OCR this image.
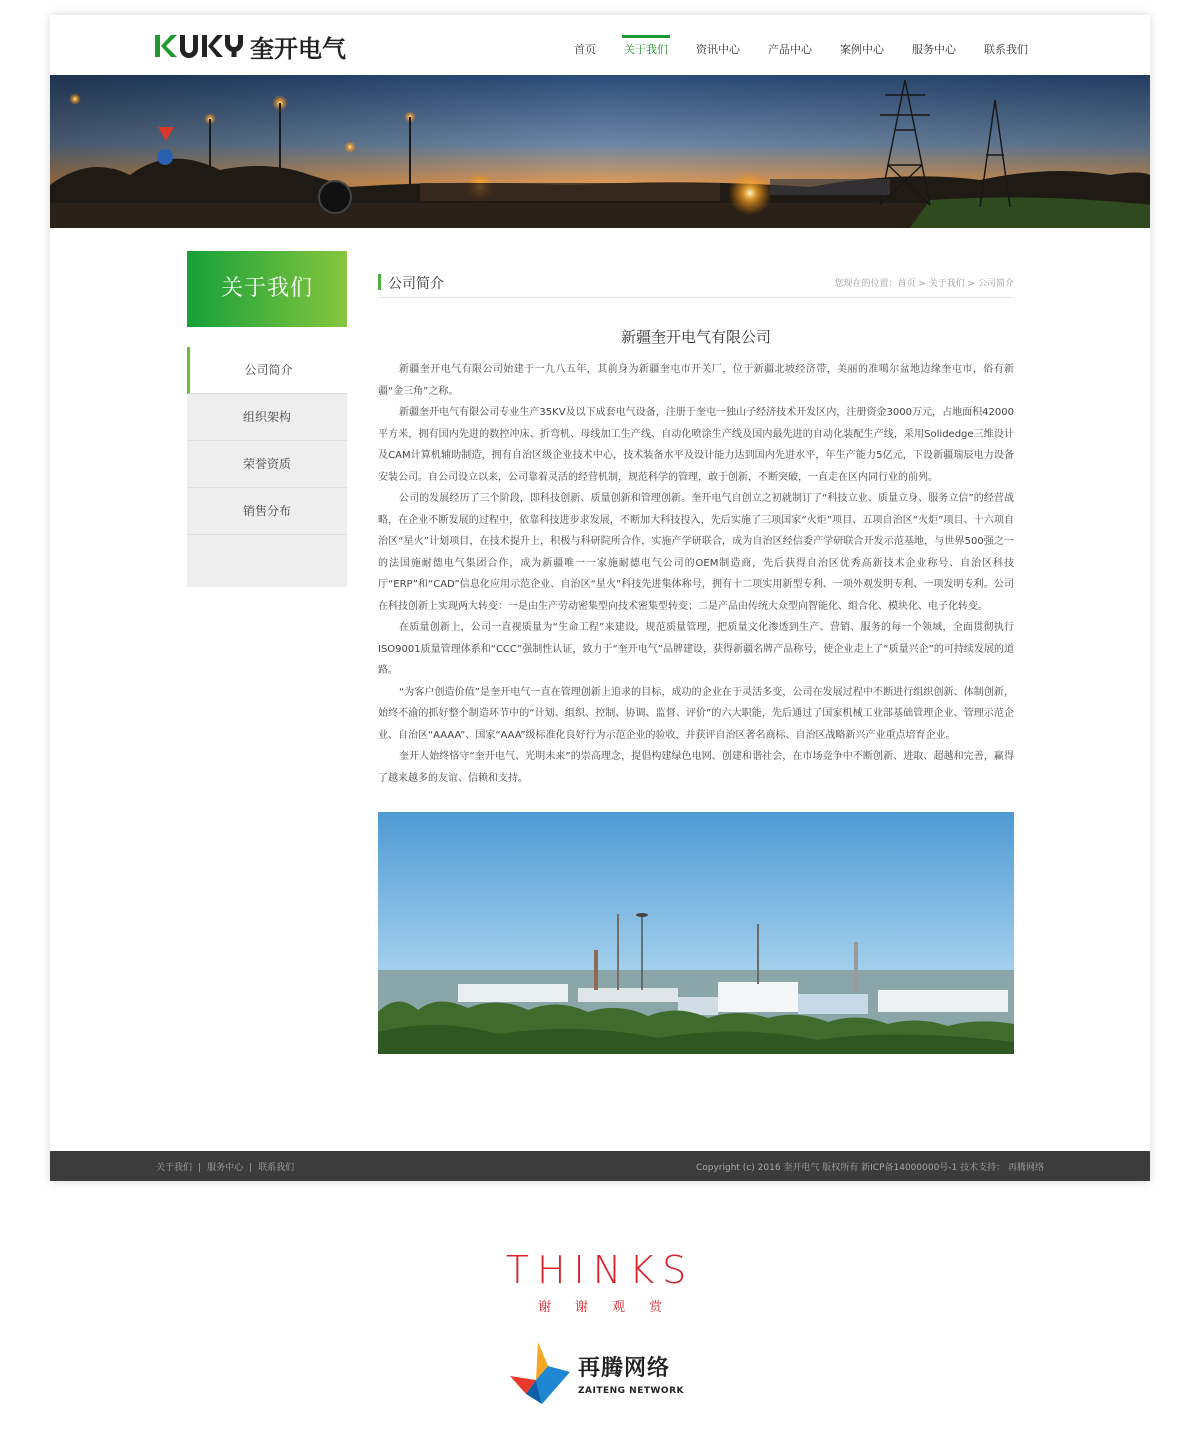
奎开电气	首页	关于我们	资讯中心	产品中心	案例中心	服务中心	联系我们
关于我们
公司简介
组织架构
荣誉资质
销售分布
公司简介	您现在的位置：首页 > 关于我们 > 公司简介
新疆奎开电气有限公司

新疆奎开电气有限公司始建于一九八五年，其前身为新疆奎屯市开关厂，位于新疆北坡经济带，美丽的准噶尔盆地边缘奎屯市，俗有新疆“金三角”之称。

新疆奎开电气有限公司专业生产35KV及以下成套电气设备，注册于奎屯一独山子经济技术开发区内，注册资金3000万元，占地面积42000平方米，拥有国内先进的数控冲床、折弯机、母线加工生产线、自动化喷涂生产线及国内最先进的自动化装配生产线，采用Solidedge三维设计及CAM计算机辅助制造，拥有自治区级企业技术中心，技术装备水平及设计能力达到国内先进水平，年生产能力5亿元，下设新疆瑞辰电力设备安装公司。自公司设立以来，公司靠着灵活的经营机制，规范科学的管理，敢于创新，不断突破，一直走在区内同行业的前列。

公司的发展经历了三个阶段，即科技创新、质量创新和管理创新。奎开电气自创立之初就制订了“科技立业、质量立身、服务立信”的经营战略，在企业不断发展的过程中，依靠科技进步求发展，不断加大科技投入，先后实施了三项国家“火炬”项目、五项自治区“火炬”项目、十六项自治区“星火”计划项目，在技术提升上，积极与科研院所合作，实施产学研联合，成为自治区经信委产学研联合开发示范基地，与世界500强之一的法国施耐德电气集团合作，成为新疆唯一一家施耐德电气公司的OEM制造商，先后获得自治区优秀高新技术企业称号、自治区科技厅“ERP”和“CAD”信息化应用示范企业、自治区“星火”科技先进集体称号，拥有十二项实用新型专利、一项外观发明专利、一项发明专利。公司在科技创新上实现两大转变：一是由生产劳动密集型向技术密集型转变；二是产品由传统大众型向智能化、组合化、模块化、电子化转变。

在质量创新上，公司一直视质量为“生命工程”来建设，规范质量管理，把质量文化渗透到生产、营销、服务的每一个领域，全面贯彻执行ISO9001质量管理体系和“CCC”强制性认证，致力于“奎开电气”品牌建设，获得新疆名牌产品称号，使企业走上了“质量兴企”的可持续发展的道路。

“为客户创造价值”是奎开电气一直在管理创新上追求的目标，成功的企业在于灵活多变，公司在发展过程中不断进行组织创新、体制创新，始终不渝的抓好整个制造环节中的“计划、组织、控制、协调、监督、评价”的六大职能，先后通过了国家机械工业部基础管理企业、管理示范企业、自治区“AAAA”、国家“AAA”级标准化良好行为示范企业的验收，并获评自治区著名商标、自治区战略新兴产业重点培育企业。

奎开人始终恪守“奎开电气、光明未来”的崇高理念，提倡构建绿色电网、创建和谐社会，在市场竞争中不断创新、进取、超越和完善，赢得了越来越多的友谊、信赖和支持。

关于我们 | 服务中心 | 联系我们	Copyright (c) 2016 奎开电气 版权所有 新ICP备14000000号-1 技术支持： 再腾网络
THINKS
谢谢观赏
再腾网络
ZAITENG NETWORK
